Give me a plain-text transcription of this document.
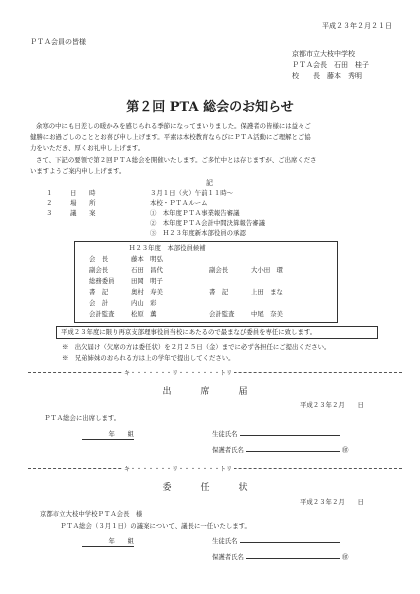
平成２３年２月２１日
ＰＴＡ会員の皆様
京都市立大枝中学校
ＰＴＡ会長　石田　桂子
校　　長　藤本　秀明
第２回 PTA 総会のお知らせ
余寒の中にも日差しの暖かみを感じられる季節になってまいりました。保護者の皆様には益々ご
健勝にお過ごしのこととお喜び申し上げます。平素は本校教育ならびにＰＴＡ活動にご理解とご協
力をいただき、厚くお礼申し上げます。
さて、下記の要領で第２回ＰＴＡ総会を開催いたします。ご多忙中とは存じますが、ご出席くださ
いますようご案内申し上げます。
記
１	日　　時	３月１日（火）午前１１時～
２	場　　所	本校・ＰＴＡルーム
３	議　　案	①　本年度ＰＴＡ事業報告審議
②　本年度ＰＴＡ会計中間決算報告審議
③　Ｈ２３年度新本部役員の承認
Ｈ２３年度　本部役員候補
会　長	藤本　明弘
副会長	石田　昌代	副会長	大小田　環
総務委員	田岡　明子
書　記	奥村　寿美	書　記	上田　まな
会　計	内山　彩
会計監査	松原　薫	会計監査	中尾　奈美
平成２３年度に限り再京支部理事役員当校にあたるので最まなび委員を専任に致します。
※　出欠届け（欠席の方は委任状）を２月２５日（金）までに必ず各担任にご提出ください。
※　兄弟姉妹のおられる方は上の学年で提出してください。
キ・・・・・・・リ・・・・・・・トリ
出　席　届
平成２３年２月　　日
ＰＴＡ総会に出席します。
年　　組	生徒氏名
保護者氏名	㊞
キ・・・・・・・リ・・・・・・・トリ
委　任　状
平成２３年２月　　日
京都市立大枝中学校ＰＴＡ会長　様
ＰＴＡ総会（３月１日）の議案について、議長に一任いたします。
年　　組	生徒氏名
保護者氏名	㊞
